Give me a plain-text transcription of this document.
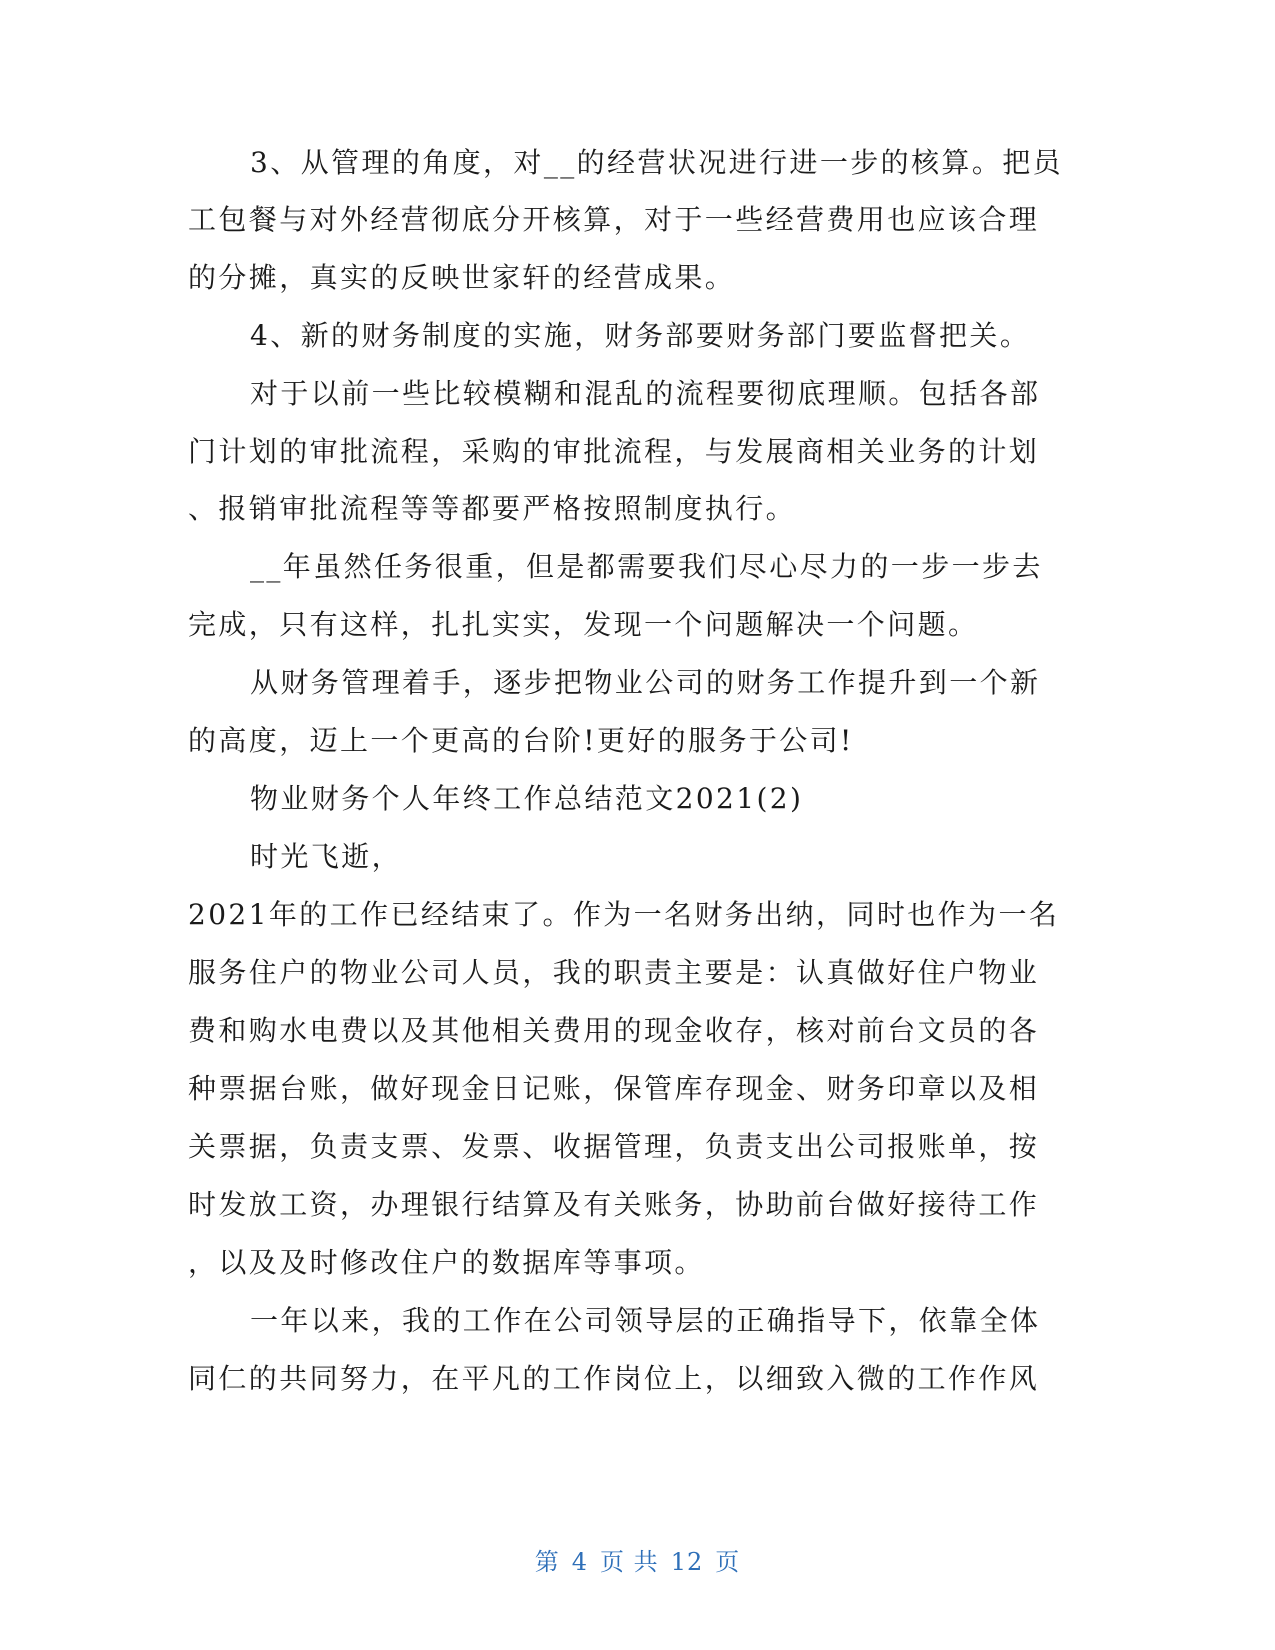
3、从管理的角度，对__的经营状况进行进一步的核算。把员
工包餐与对外经营彻底分开核算，对于一些经营费用也应该合理
的分摊，真实的反映世家轩的经营成果。
4、新的财务制度的实施，财务部要财务部门要监督把关。
对于以前一些比较模糊和混乱的流程要彻底理顺。包括各部
门计划的审批流程，采购的审批流程，与发展商相关业务的计划
、报销审批流程等等都要严格按照制度执行。
__年虽然任务很重，但是都需要我们尽心尽力的一步一步去
完成，只有这样，扎扎实实，发现一个问题解决一个问题。
从财务管理着手，逐步把物业公司的财务工作提升到一个新
的高度，迈上一个更高的台阶!更好的服务于公司!
物业财务个人年终工作总结范文2021(2)
时光飞逝，
2021年的工作已经结束了。作为一名财务出纳，同时也作为一名
服务住户的物业公司人员，我的职责主要是：认真做好住户物业
费和购水电费以及其他相关费用的现金收存，核对前台文员的各
种票据台账，做好现金日记账，保管库存现金、财务印章以及相
关票据，负责支票、发票、收据管理，负责支出公司报账单，按
时发放工资，办理银行结算及有关账务，协助前台做好接待工作
，以及及时修改住户的数据库等事项。
一年以来，我的工作在公司领导层的正确指导下，依靠全体
同仁的共同努力，在平凡的工作岗位上，以细致入微的工作作风
第 4 页 共 12 页
